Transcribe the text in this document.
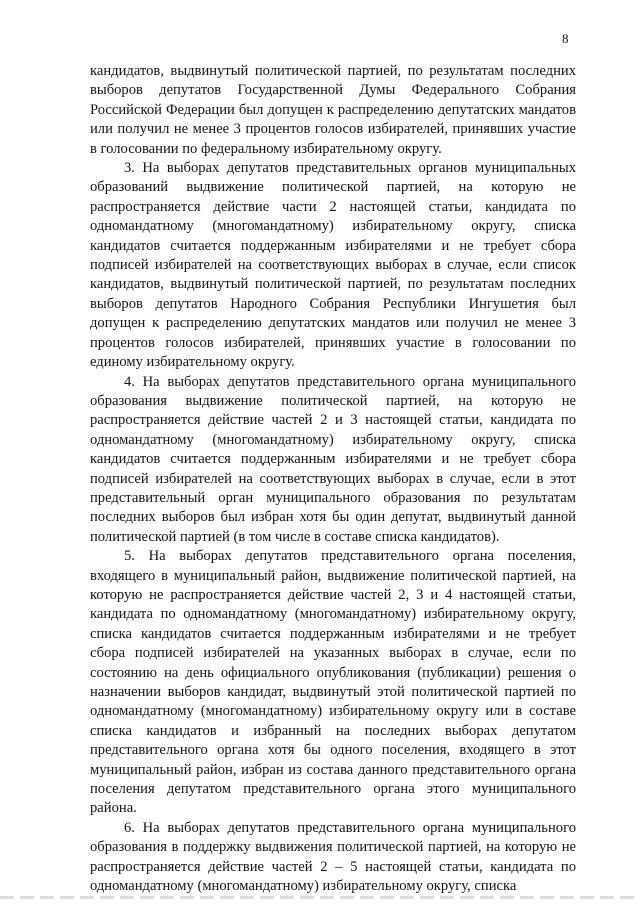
8

кандидатов, выдвинутый политической партией, по результатам последних выборов депутатов Государственной Думы Федерального Собрания Российской Федерации был допущен к распределению депутатских мандатов или получил не менее 3 процентов голосов избирателей, принявших участие в голосовании по федеральному избирательному округу.

3. На выборах депутатов представительных органов муниципальных образований выдвижение политической партией, на которую не распространяется действие части 2 настоящей статьи, кандидата по одномандатному (многомандатному) избирательному округу, списка кандидатов считается поддержанным избирателями и не требует сбора подписей избирателей на соответствующих выборах в случае, если список кандидатов, выдвинутый политической партией, по результатам последних выборов депутатов Народного Собрания Республики Ингушетия был допущен к распределению депутатских мандатов или получил не менее 3 процентов голосов избирателей, принявших участие в голосовании по единому избирательному округу.

4. На выборах депутатов представительного органа муниципального образования выдвижение политической партией, на которую не распространяется действие частей 2 и 3 настоящей статьи, кандидата по одномандатному (многомандатному) избирательному округу, списка кандидатов считается поддержанным избирателями и не требует сбора подписей избирателей на соответствующих выборах в случае, если в этот представительный орган муниципального образования по результатам последних выборов был избран хотя бы один депутат, выдвинутый данной политической партией (в том числе в составе списка кандидатов).

5. На выборах депутатов представительного органа поселения, входящего в муниципальный район, выдвижение политической партией, на которую не распространяется действие частей 2, 3 и 4 настоящей статьи, кандидата по одномандатному (многомандатному) избирательному округу, списка кандидатов считается поддержанным избирателями и не требует сбора подписей избирателей на указанных выборах в случае, если по состоянию на день официального опубликования (публикации) решения о назначении выборов кандидат, выдвинутый этой политической партией по одномандатному (многомандатному) избирательному округу или в составе списка кандидатов и избранный на последних выборах депутатом представительного органа хотя бы одного поселения, входящего в этот муниципальный район, избран из состава данного представительного органа поселения депутатом представительного органа этого муниципального района.

6. На выборах депутатов представительного органа муниципального образования в поддержку выдвижения политической партией, на которую не распространяется действие частей 2 – 5 настоящей статьи, кандидата по одномандатному (многомандатному) избирательному округу, списка
